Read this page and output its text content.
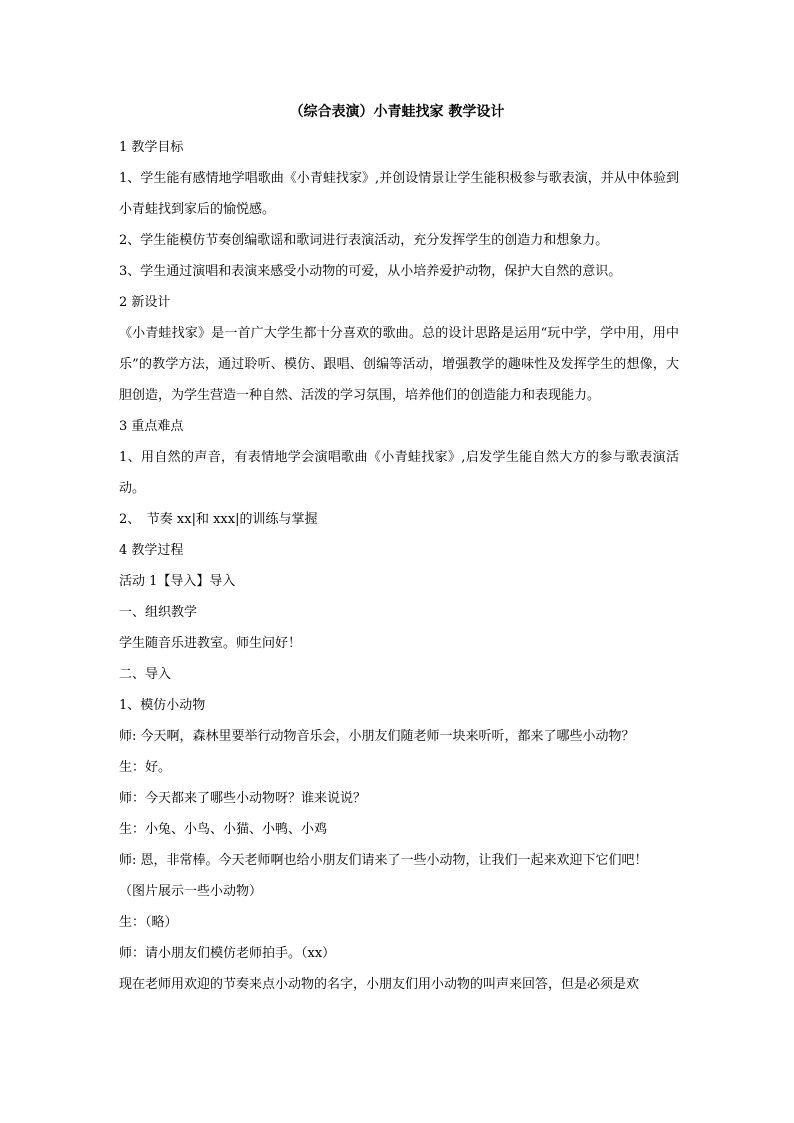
（综合表演）小青蛙找家 教学设计

1 教学目标

1、学生能有感情地学唱歌曲《小青蛙找家》,并创设情景让学生能积极参与歌表演，并从中体验到小青蛙找到家后的愉悦感。

2、学生能模仿节奏创编歌谣和歌词进行表演活动，充分发挥学生的创造力和想象力。

3、学生通过演唱和表演来感受小动物的可爱，从小培养爱护动物，保护大自然的意识。

2 新设计

《小青蛙找家》是一首广大学生都十分喜欢的歌曲。总的设计思路是运用“玩中学，学中用，用中乐”的教学方法，通过聆听、模仿、跟唱、创编等活动，增强教学的趣味性及发挥学生的想像，大胆创造，为学生营造一种自然、活泼的学习氛围，培养他们的创造能力和表现能力。

3 重点难点

1、用自然的声音，有表情地学会演唱歌曲《小青蛙找家》,启发学生能自然大方的参与歌表演活动。

2、　节奏 xx|和 xxx|的训练与掌握

4 教学过程

活动 1【导入】导入

一、组织教学

学生随音乐进教室。师生问好！

二、导入

1、模仿小动物

师: 今天啊，森林里要举行动物音乐会，小朋友们随老师一块来听听，都来了哪些小动物？

生：好。

师：今天都来了哪些小动物呀？谁来说说？

生：小兔、小鸟、小猫、小鸭、小鸡

师: 恩，非常棒。今天老师啊也给小朋友们请来了一些小动物，让我们一起来欢迎下它们吧！

（图片展示一些小动物）

生：（略）

师：请小朋友们模仿老师拍手。（xx）

现在老师用欢迎的节奏来点小动物的名字，小朋友们用小动物的叫声来回答，但是必须是欢
